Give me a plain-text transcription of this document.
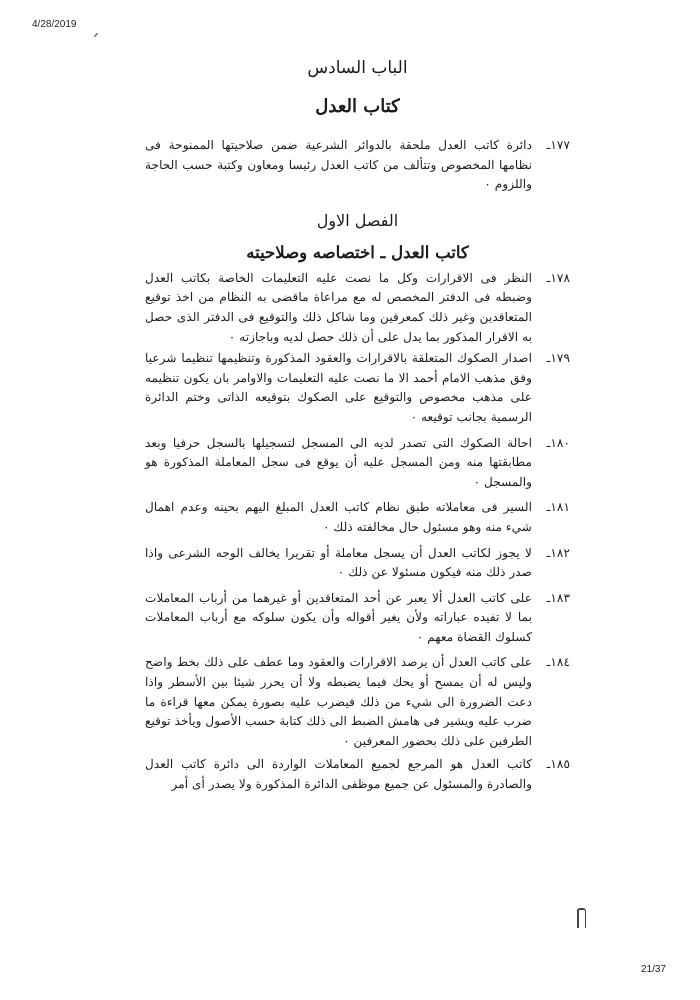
4/28/2019
الباب السادس
كتاب العدل
١٧٧ـ
دائرة كاتب العدل ملحقة بالدوائر الشرعية ضمن صلاحيتها الممنوحة فى نظامها المخصوص وتتألف من كاتب العدل رئيسا ومعاون وكتبة حسب الحاجة واللزوم ٠
الفصل الاول
كاتب العدل ـ اختصاصه وصلاحيته
١٧٨ـ
النظر فى الاقرارات وكل ما نصت عليه التعليمات الخاصة بكاتب العدل وضبطه فى الدفتر المخصص له مع مراعاة ماقضى به النظام من اخذ توقيع المتعاقدين وغير ذلك كمعرفين وما شاكل ذلك والتوقيع فى الدفتر الذى حصل به الاقرار المذكور بما يدل على أن ذلك حصل لديه وباجازته ٠
١٧٩ـ
اصدار الصكوك المتعلقة بالاقرارات والعقود المذكورة وتنظيمها تنظيما شرعيا وفق مذهب الامام أحمد الا ما نصت عليه التعليمات والاوامر بان يكون تنظيمه على مذهب مخصوص والتوقيع على الصكوك بتوقيعه الذاتى وختم الدائرة الرسمية بجانب توقيعه ٠
١٨٠ـ
احالة الصكوك التى تصدر لديه الى المسجل لتسجيلها بالسجل حرفيا وبعد مطابقتها منه ومن المسجل عليه أن يوقع فى سجل المعاملة المذكورة هو والمسجل ٠
١٨١ـ
السير فى معاملاته طبق نظام كاتب العدل المبلغ اليهم بحينه وعدم اهمال شيء منه وهو مسئول حال مخالفته ذلك ٠
١٨٢ـ
لا يجوز لكاتب العدل أن يسجل معاملة أو تقريرا يخالف الوجه الشرعى واذا صدر ذلك منه فيكون مسئولا عن ذلك ٠
١٨٣ـ
على كاتب العدل ألا يعبر عن أحد المتعاقدين أو غيرهما من أرباب المعاملات بما لا تفيده عباراته ولأن يغير أقواله وأن يكون سلوكه مع أرباب المعاملات كسلوك القضاة معهم ٠
١٨٤ـ
على كاتب العدل أن يرصد الاقرارات والعقود وما عطف على ذلك بخط واضح وليس له أن يمسح أو يحك فيما يضبطه ولا أن يحرر شيئا بين الأسطر واذا دعت الضرورة الى شيء من ذلك فيضرب عليه بصورة يمكن معها قراءة ما ضرب عليه ويشير فى هامش الضبط الى ذلك كتابة حسب الأصول ويأخذ توقيع الطرفين على ذلك بحضور المعرفين ٠
١٨٥ـ
كاتب العدل هو المرجع لجميع المعاملات الواردة الى دائرة كاتب العدل والصادرة والمسئول عن جميع موظفى الدائرة المذكورة ولا يصدر أى أمر
21/37
